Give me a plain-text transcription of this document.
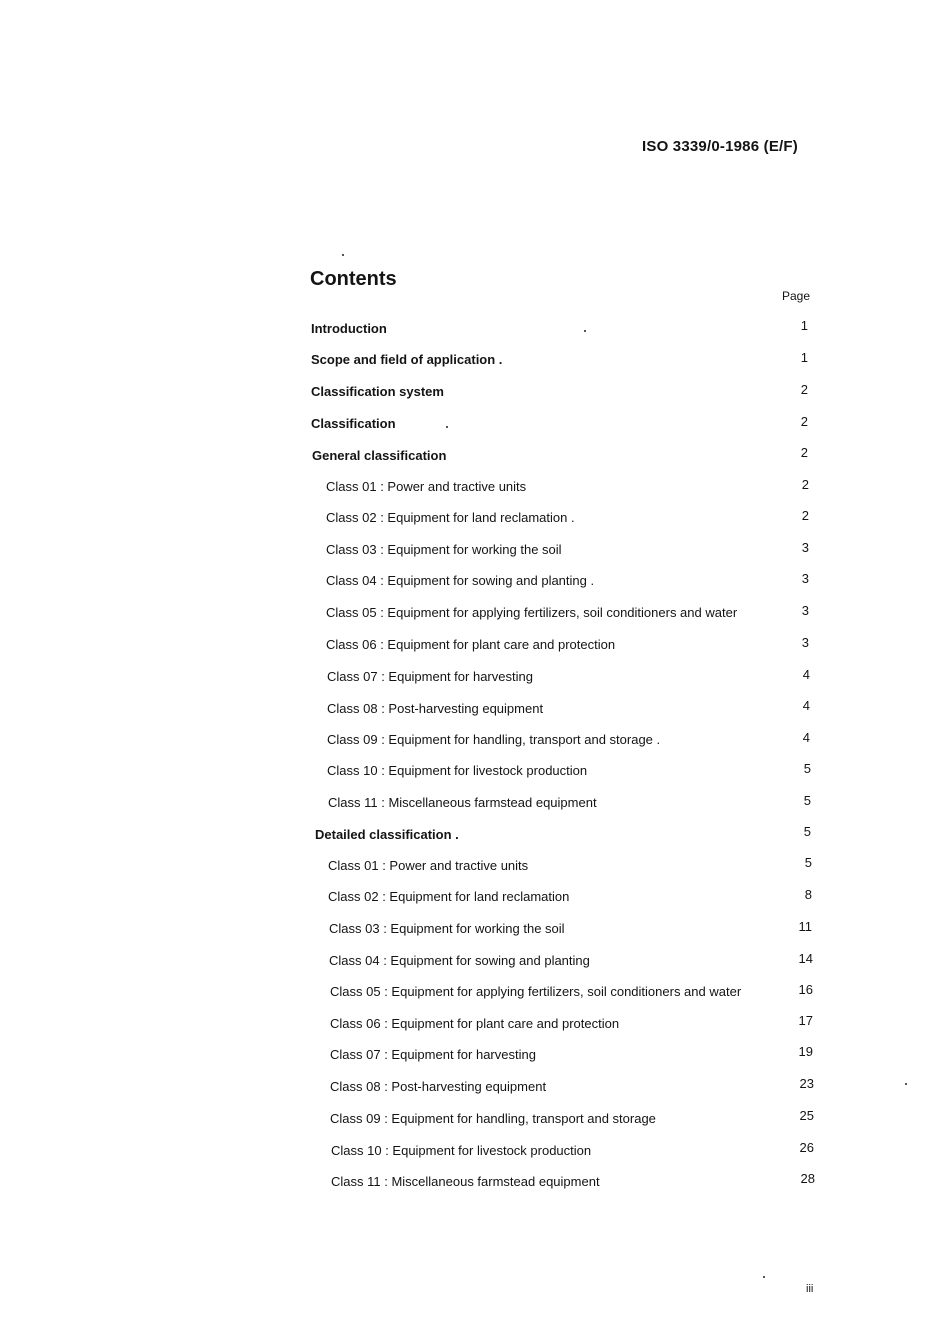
ISO 3339/0-1986 (E/F)
Contents
Page
Introduction	1
Scope and field of application .	1
Classification system	2
Classification	2
General classification	2
Class 01 : Power and tractive units	2
Class 02 : Equipment for land reclamation .	2
Class 03 : Equipment for working the soil	3
Class 04 : Equipment for sowing and planting .	3
Class 05 : Equipment for applying fertilizers, soil conditioners and water	3
Class 06 : Equipment for plant care and protection	3
Class 07 : Equipment for harvesting	4
Class 08 : Post-harvesting equipment	4
Class 09 : Equipment for handling, transport and storage .	4
Class 10 : Equipment for livestock production	5
Class 11 : Miscellaneous farmstead equipment	5
Detailed classification .	5
Class 01 : Power and tractive units	5
Class 02 : Equipment for land reclamation	8
Class 03 : Equipment for working the soil	11
Class 04 : Equipment for sowing and planting	14
Class 05 : Equipment for applying fertilizers, soil conditioners and water	16
Class 06 : Equipment for plant care and protection	17
Class 07 : Equipment for harvesting	19
Class 08 : Post-harvesting equipment	23
Class 09 : Equipment for handling, transport and storage	25
Class 10 : Equipment for livestock production	26
Class 11 : Miscellaneous farmstead equipment	28
iii
